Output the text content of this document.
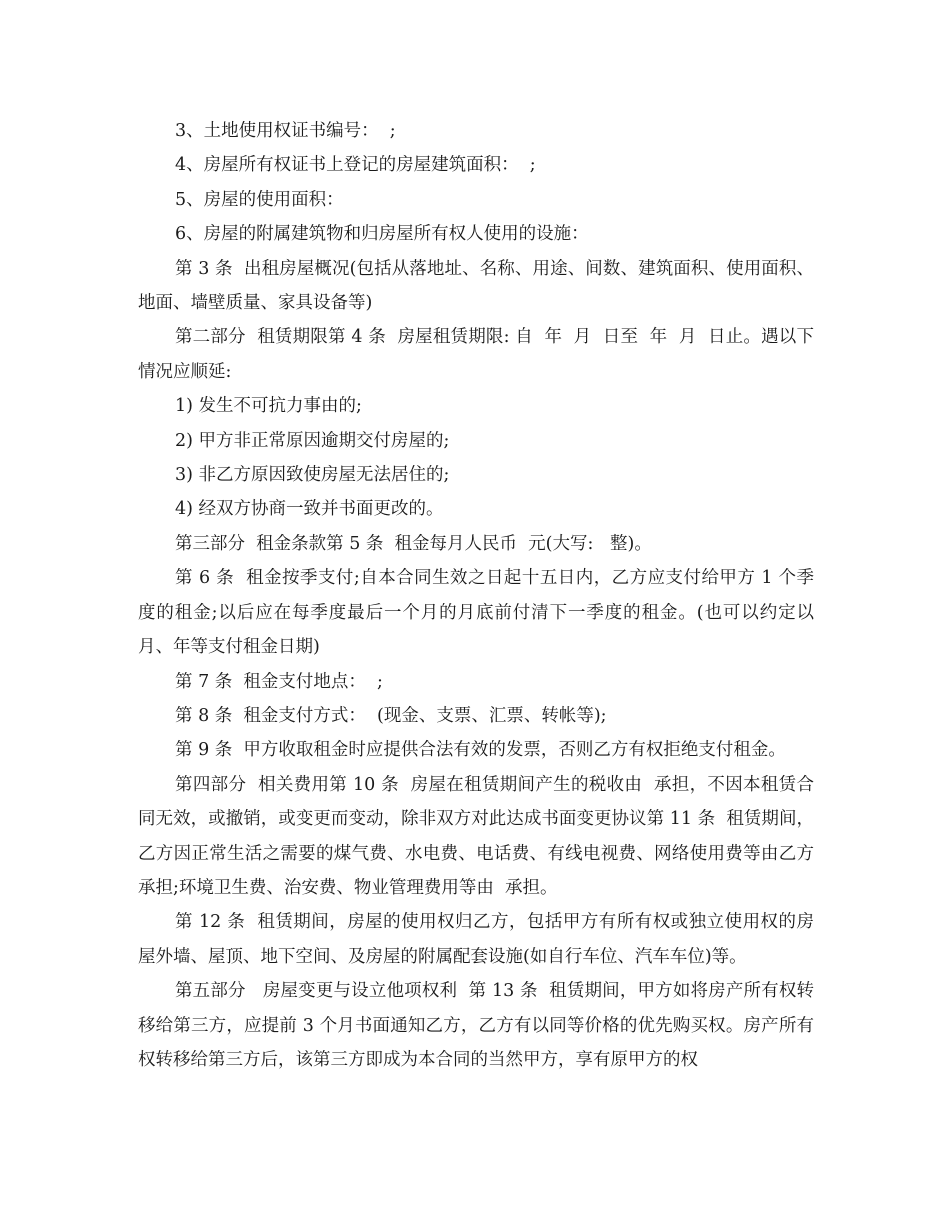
3、土地使用权证书编号：  ;

4、房屋所有权证书上登记的房屋建筑面积：  ;

5、房屋的使用面积：

6、房屋的附属建筑物和归房屋所有权人使用的设施：

第 3 条  出租房屋概况(包括从落地址、名称、用途、间数、建筑面积、使用面积、地面、墙壁质量、家具设备等)

第二部分  租赁期限第 4 条  房屋租赁期限: 自  年  月  日至  年  月  日止。遇以下情况应顺延:

1) 发生不可抗力事由的;

2) 甲方非正常原因逾期交付房屋的;

3) 非乙方原因致使房屋无法居住的;

4) 经双方协商一致并书面更改的。

第三部分  租金条款第 5 条  租金每月人民币  元(大写:   整)。

第 6 条  租金按季支付;自本合同生效之日起十五日内，乙方应支付给甲方 1 个季度的租金;以后应在每季度最后一个月的月底前付清下一季度的租金。(也可以约定以月、年等支付租金日期)

第 7 条  租金支付地点：  ;

第 8 条  租金支付方式：  (现金、支票、汇票、转帐等);

第 9 条  甲方收取租金时应提供合法有效的发票，否则乙方有权拒绝支付租金。

第四部分  相关费用第 10 条  房屋在租赁期间产生的税收由  承担，不因本租赁合同无效，或撤销，或变更而变动，除非双方对此达成书面变更协议第 11 条  租赁期间，乙方因正常生活之需要的煤气费、水电费、电话费、有线电视费、网络使用费等由乙方承担;环境卫生费、治安费、物业管理费用等由  承担。

第 12 条  租赁期间，房屋的使用权归乙方，包括甲方有所有权或独立使用权的房屋外墙、屋顶、地下空间、及房屋的附属配套设施(如自行车位、汽车车位)等。

第五部分   房屋变更与设立他项权利  第 13 条  租赁期间，甲方如将房产所有权转移给第三方，应提前 3 个月书面通知乙方，乙方有以同等价格的优先购买权。房产所有权转移给第三方后，该第三方即成为本合同的当然甲方，享有原甲方的权
